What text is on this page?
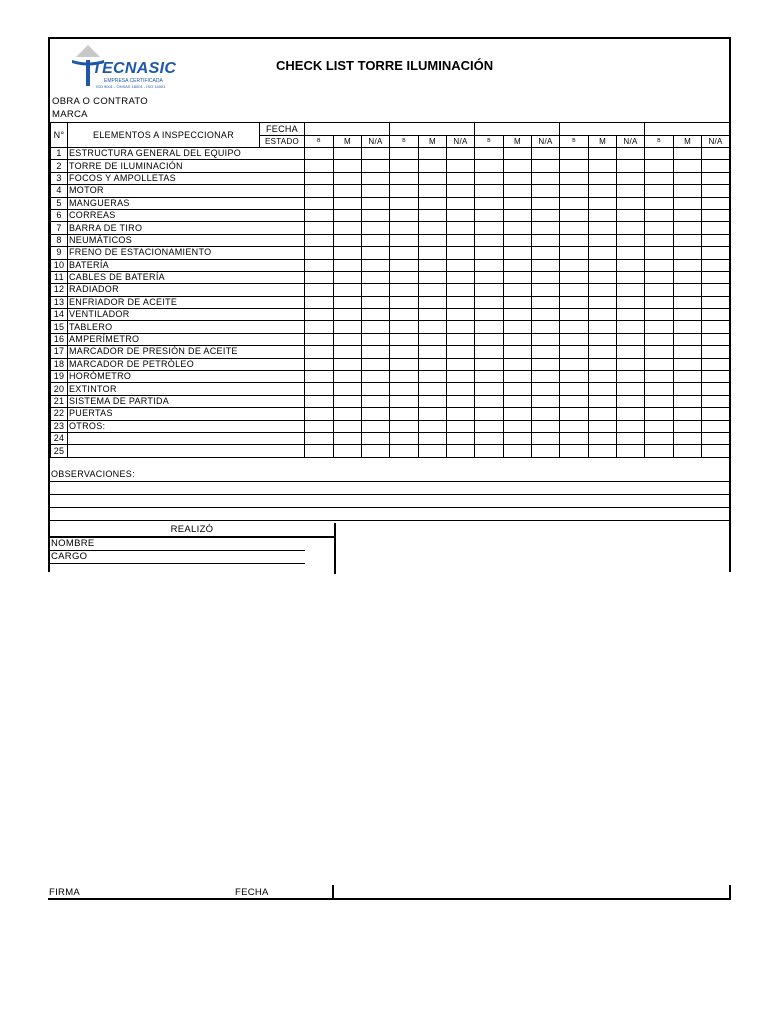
TECNASIC
EMPRESA CERTIFICADA
ISO 9001 - OHSAS 18001 - ISO 14001
CHECK LIST TORRE ILUMINACIÓN
OBRA O CONTRATO
MARCA
N°	ELEMENTOS A INSPECCIONAR	FECHA															
		ESTADO	B	M	N/A	B	M	N/A	B	M	N/A	B	M	N/A	B	M	N/A
1	ESTRUCTURA GENERAL DEL EQUIPO																
2	TORRE DE ILUMINACIÓN																
3	FOCOS Y AMPOLLETAS																
4	MOTOR																
5	MANGUERAS																
6	CORREAS																
7	BARRA DE TIRO																
8	NEUMÁTICOS																
9	FRENO DE ESTACIONAMIENTO																
10	BATERÍA																
11	CABLES DE BATERÍA																
12	RADIADOR																
13	ENFRIADOR DE ACEITE																
14	VENTILADOR																
15	TABLERO																
16	AMPERÍMETRO																
17	MARCADOR DE PRESIÓN DE ACEITE																
18	MARCADOR DE PETRÓLEO																
19	HORÓMETRO																
20	EXTINTOR																
21	SISTEMA DE PARTIDA																
22	PUERTAS																
23	OTROS:																
24																	
25																	
OBSERVACIONES:
REALIZÓ
NOMBRE
CARGO
FIRMA	FECHA
